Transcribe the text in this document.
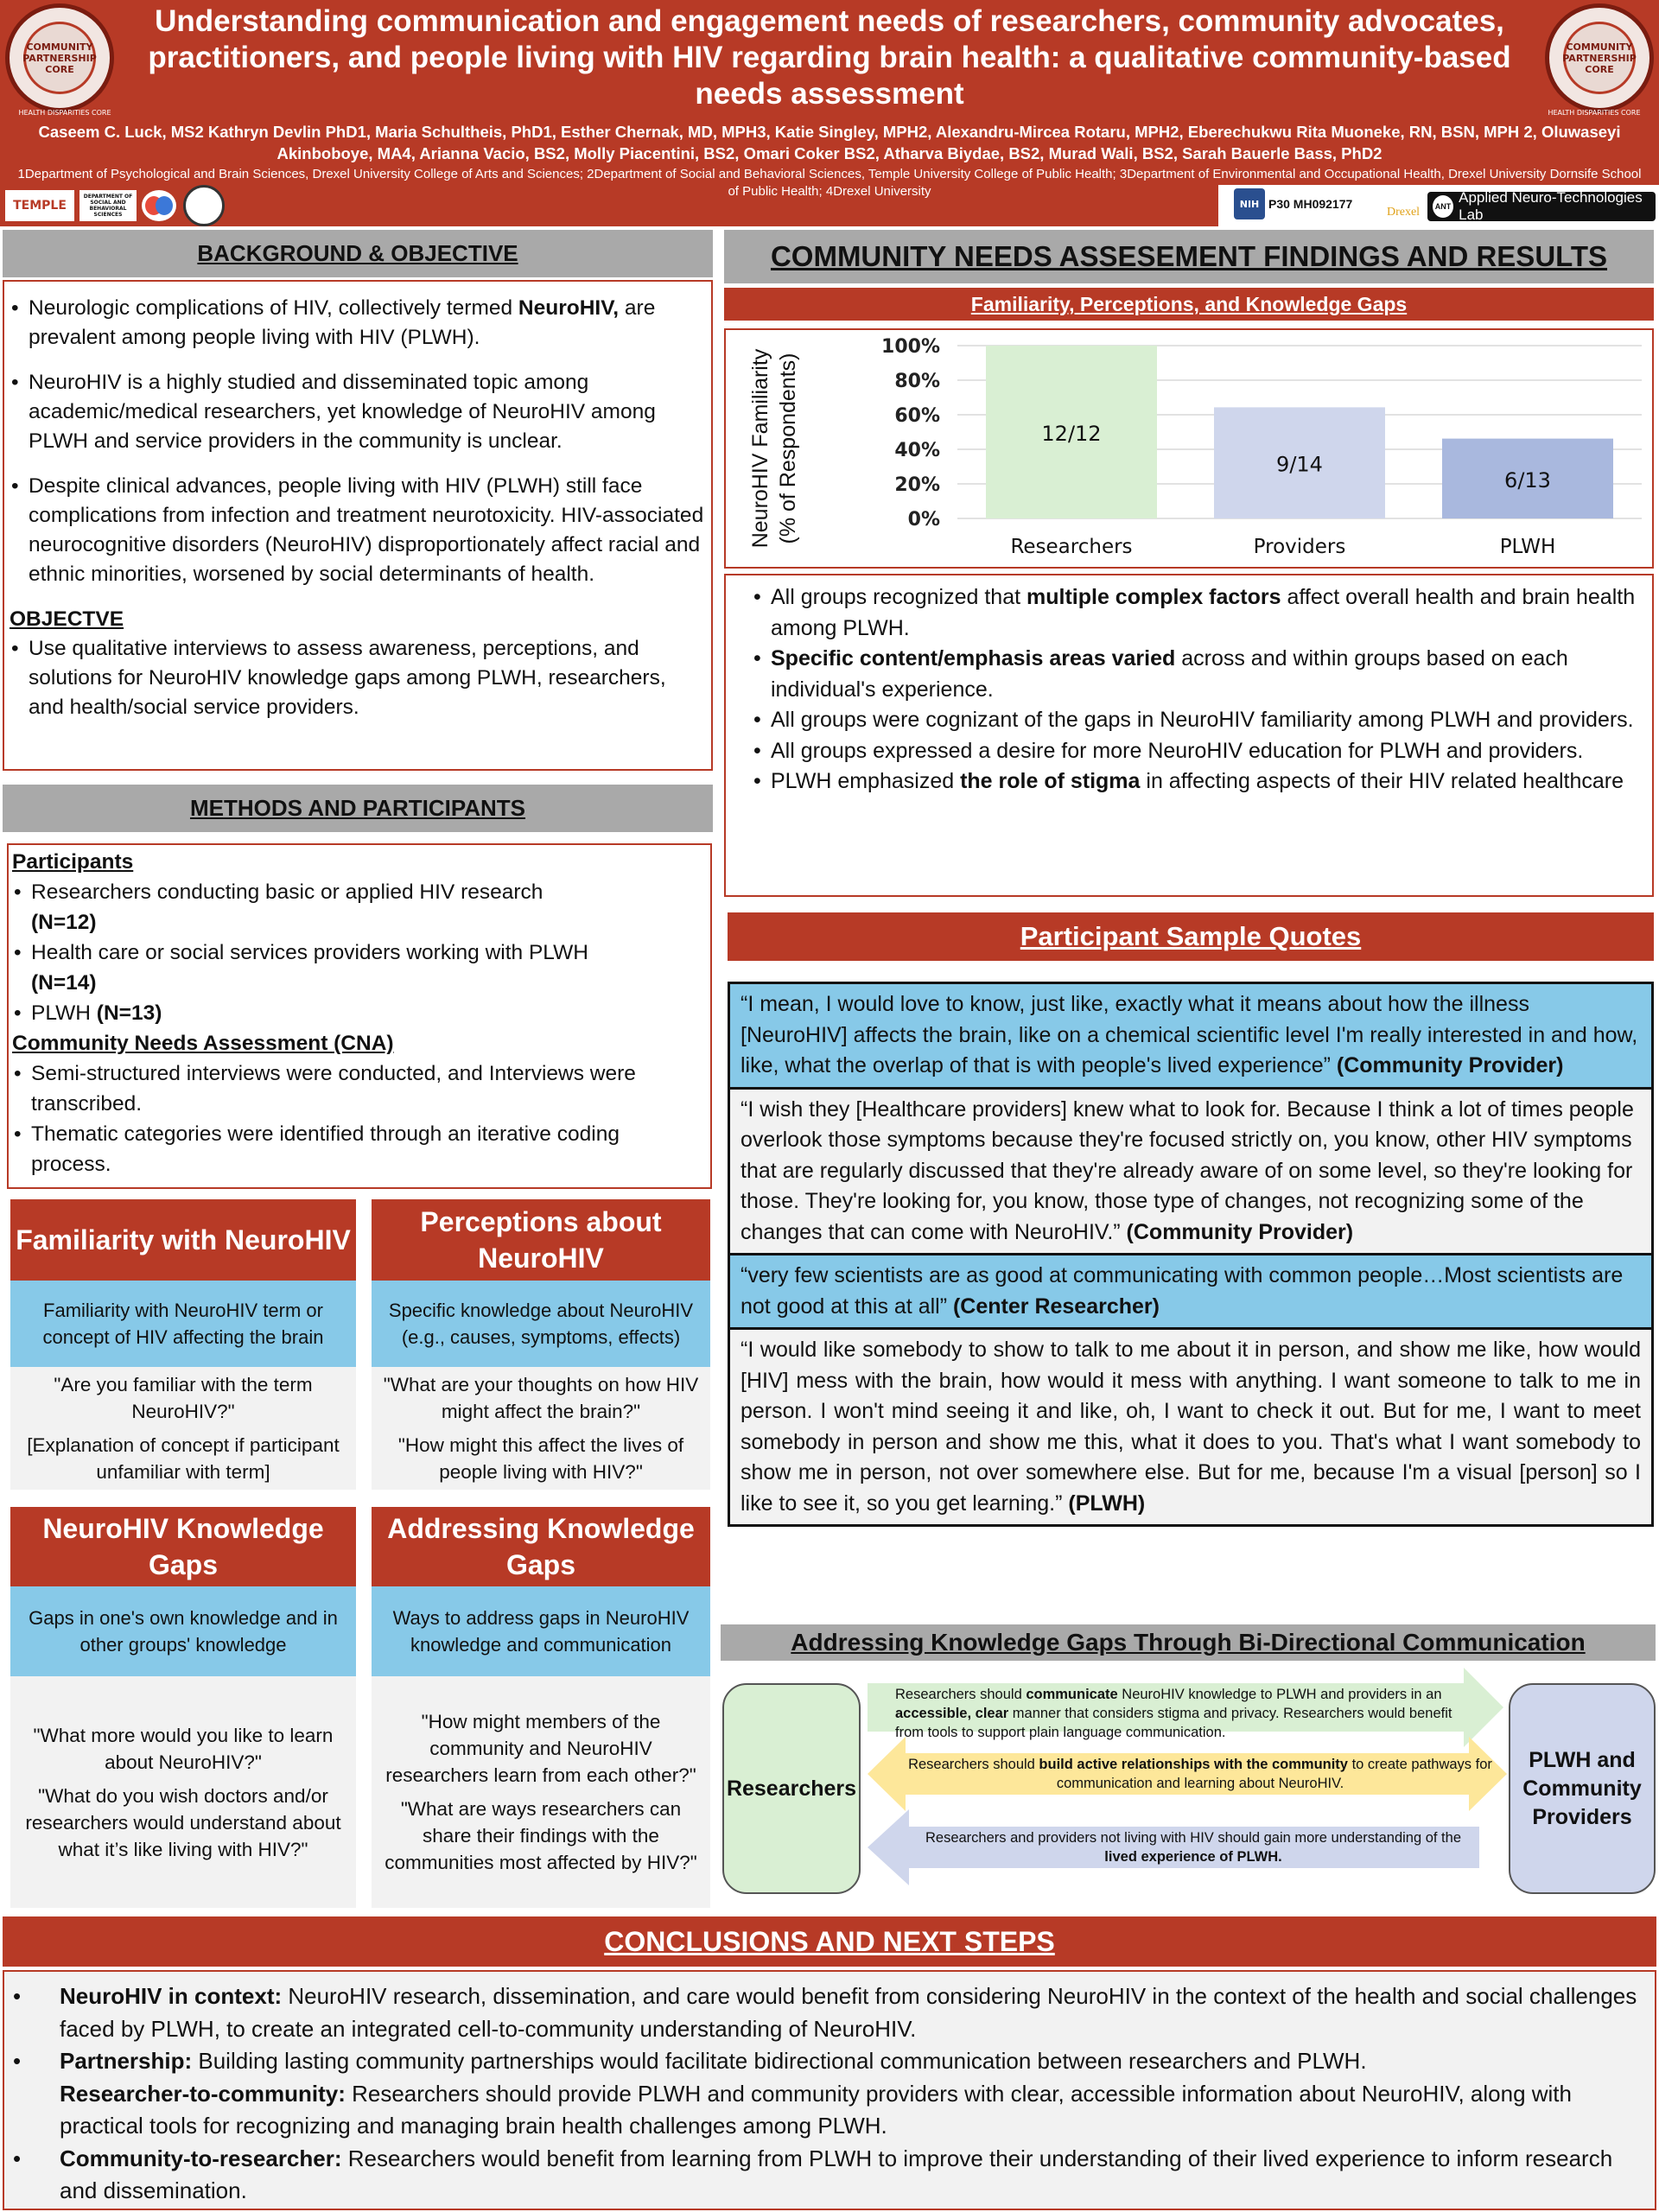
COMMUNITY PARTNERSHIP CORE
HEALTH DISPARITIES CORE
COMMUNITY PARTNERSHIP CORE
HEALTH DISPARITIES CORE
Understanding communication and engagement needs of researchers, community advocates, practitioners, and people living with HIV regarding brain health: a qualitative community-based needs assessment
Caseem C. Luck, MS2 Kathryn Devlin PhD1, Maria Schultheis, PhD1, Esther Chernak, MD, MPH3, Katie Singley, MPH2, Alexandru-Mircea Rotaru, MPH2, Eberechukwu Rita Muoneke, RN, BSN, MPH 2, Oluwaseyi Akinboboye, MA4, Arianna Vacio, BS2, Molly Piacentini, BS2, Omari Coker BS2, Atharva Biydae, BS2, Murad Wali, BS2, Sarah Bauerle Bass, PhD2
1Department of Psychological and Brain Sciences, Drexel University College of Arts and Sciences; 2Department of Social and Behavioral Sciences, Temple University College of Public Health; 3Department of Environmental and Occupational Health, Drexel University Dornsife School of Public Health; 4Drexel University
TEMPLE
DEPARTMENT OF SOCIAL AND BEHAVIORAL SCIENCES
NIH P30 MH092177
Drexel	ANT
Applied Neuro-Technologies Lab
BACKGROUND & OBJECTIVE
• Neurologic complications of HIV, collectively termed NeuroHIV, are prevalent among people living with HIV (PLWH).
• NeuroHIV is a highly studied and disseminated topic among academic/medical researchers, yet knowledge of NeuroHIV among PLWH and service providers in the community is unclear.
• Despite clinical advances, people living with HIV (PLWH) still face complications from infection and treatment neurotoxicity. HIV-associated neurocognitive disorders (NeuroHIV) disproportionately affect racial and ethnic minorities, worsened by social determinants of health.
OBJECTVE
• Use qualitative interviews to assess awareness, perceptions, and solutions for NeuroHIV knowledge gaps among PLWH, researchers, and health/social service providers.
METHODS AND PARTICIPANTS
Participants
• Researchers conducting basic or applied HIV research
(N=12)
• Health care or social services providers working with PLWH
(N=14)
• PLWH (N=13)
Community Needs Assessment (CNA)
• Semi-structured interviews were conducted, and Interviews were transcribed.
• Thematic categories were identified through an iterative coding process.
Familiarity with NeuroHIV
Familiarity with NeuroHIV term or concept of HIV affecting the brain
"Are you familiar with the term NeuroHIV?"
[Explanation of concept if participant unfamiliar with term]
Perceptions about NeuroHIV
Specific knowledge about NeuroHIV (e.g., causes, symptoms, effects)
"What are your thoughts on how HIV might affect the brain?"
"How might this affect the lives of people living with HIV?"
NeuroHIV Knowledge Gaps
Gaps in one's own knowledge and in other groups' knowledge
"What more would you like to learn about NeuroHIV?"
"What do you wish doctors and/or researchers would understand about what it’s like living with HIV?"
Addressing Knowledge Gaps
Ways to address gaps in NeuroHIV knowledge and communication
"How might members of the community and NeuroHIV researchers learn from each other?"
"What are ways researchers can share their findings with the communities most affected by HIV?"
COMMUNITY NEEDS ASSESEMENT FINDINGS AND RESULTS
Familiarity, Perceptions, and Knowledge Gaps
NeuroHIV Familiarity (% of Respondents)	0%
20%
40%
60%
80%
100%
12/12
Researchers
9/14
Providers
6/13
PLWH
• All groups recognized that multiple complex factors affect overall health and brain health among PLWH.
• Specific content/emphasis areas varied across and within groups based on each individual's experience.
• All groups were cognizant of the gaps in NeuroHIV familiarity among PLWH and providers.
• All groups expressed a desire for more NeuroHIV education for PLWH and providers.
• PLWH emphasized the role of stigma in affecting aspects of their HIV related healthcare
Participant Sample Quotes
“I mean, I would love to know, just like, exactly what it means about how the illness [NeuroHIV] affects the brain, like on a chemical scientific level I'm really interested in and how, like, what the overlap of that is with people's lived experience” (Community Provider)
“I wish they [Healthcare providers] knew what to look for. Because I think a lot of times people overlook those symptoms because they're focused strictly on, you know, other HIV symptoms that are regularly discussed that they're already aware of on some level, so they're looking for those. They're looking for, you know, those type of changes, not recognizing some of the changes that can come with NeuroHIV.” (Community Provider)
“very few scientists are as good at communicating with common people…Most scientists are not good at this at all” (Center Researcher)
“I would like somebody to show to talk to me about it in person, and show me like, how would [HIV] mess with the brain, how would it mess with anything. I want someone to talk to me in person. I won't mind seeing it and like, oh, I want to check it out. But for me, I want to meet somebody in person and show me this, what it does to you. That's what I want somebody to show me in person, not over somewhere else. But for me, because I'm a visual [person] so I like to see it, so you get learning.” (PLWH)
Addressing Knowledge Gaps Through Bi-Directional Communication
Researchers
PLWH and Community Providers
Researchers should communicate NeuroHIV knowledge to PLWH and providers in an accessible, clear manner that considers stigma and privacy. Researchers would benefit from tools to support plain language communication.
Researchers should build active relationships with the community to create pathways for communication and learning about NeuroHIV.
Researchers and providers not living with HIV should gain more understanding of the lived experience of PLWH.
CONCLUSIONS AND NEXT STEPS
• NeuroHIV in context: NeuroHIV research, dissemination, and care would benefit from considering NeuroHIV in the context of the health and social challenges faced by PLWH, to create an integrated cell-to-community understanding of NeuroHIV.
• Partnership: Building lasting community partnerships would facilitate bidirectional communication between researchers and PLWH.
Researcher-to-community: Researchers should provide PLWH and community providers with clear, accessible information about NeuroHIV, along with practical tools for recognizing and managing brain health challenges among PLWH.
• Community-to-researcher: Researchers would benefit from learning from PLWH to improve their understanding of their lived experience to inform research and dissemination.
